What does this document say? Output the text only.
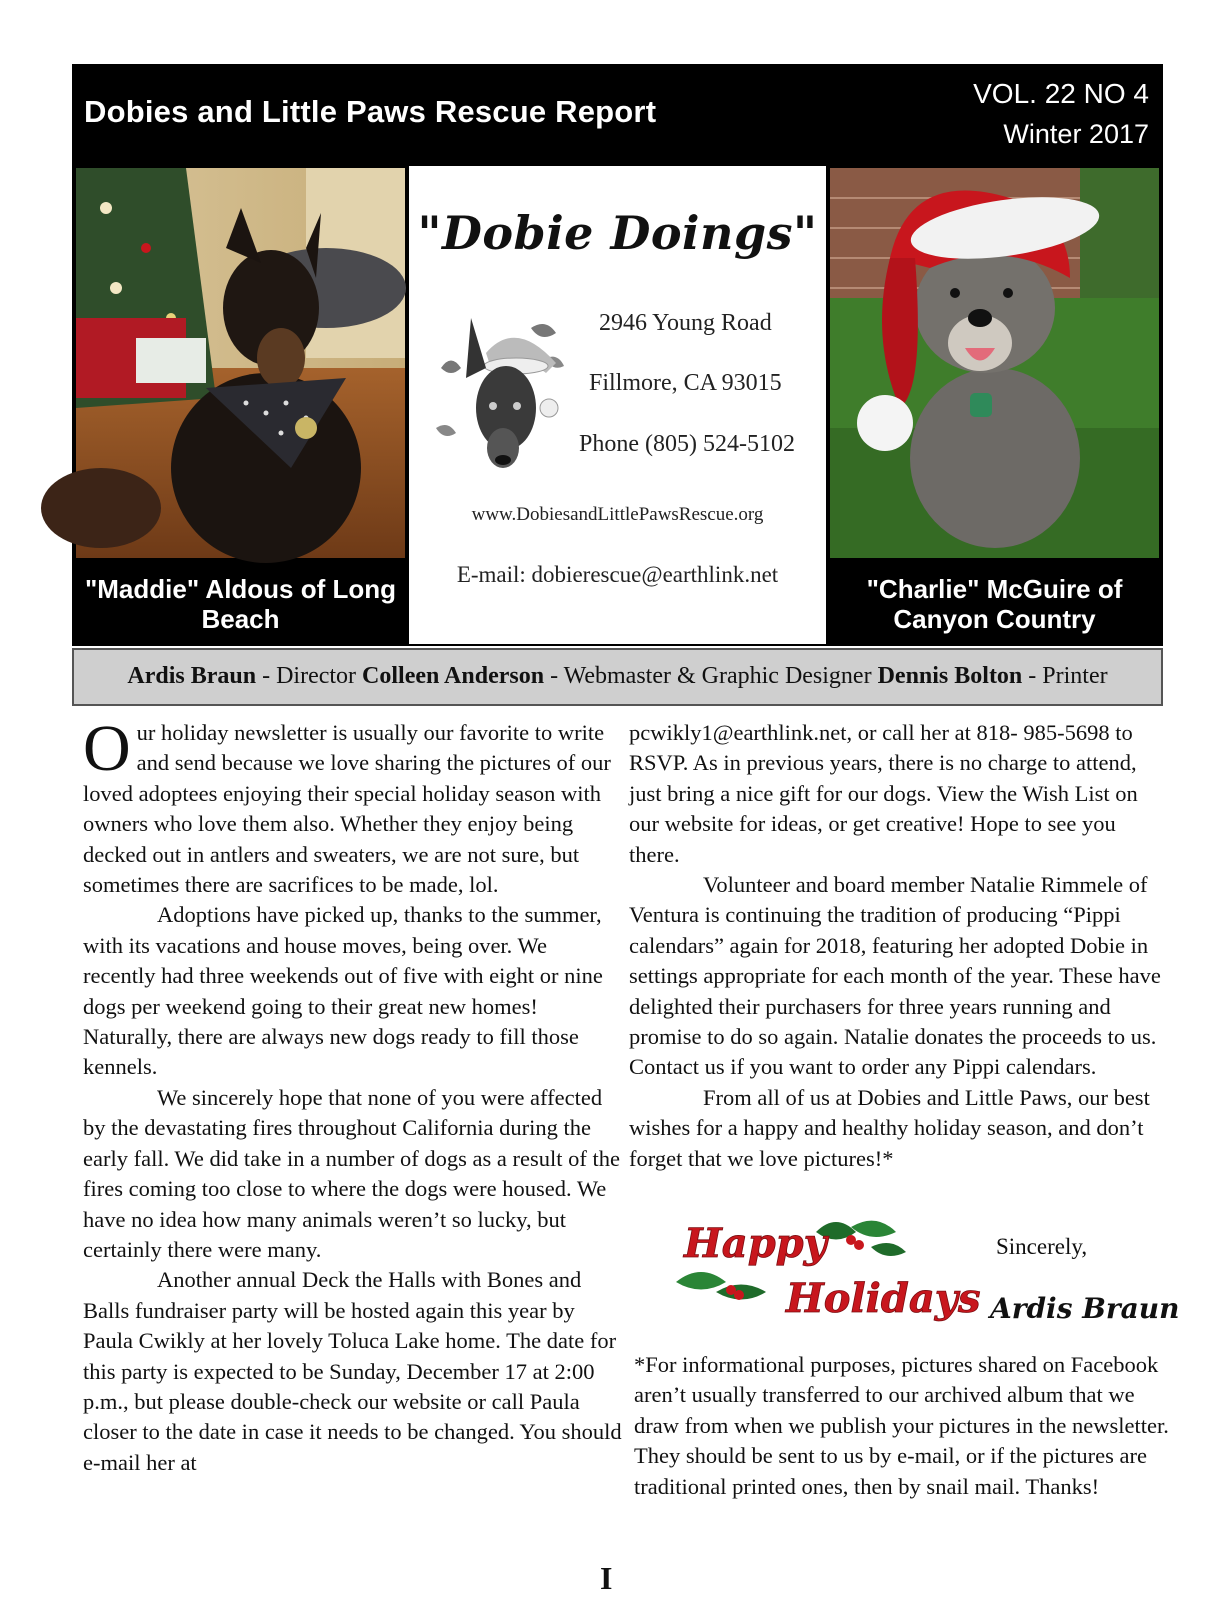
Dobies and Little Paws Rescue Report
VOL. 22 NO 4
Winter 2017
"Maddie" Aldous of Long Beach
"Dobie Doings"
2946 Young Road
Fillmore, CA 93015
Phone (805) 524-5102
www.DobiesandLittlePawsRescue.org
E-mail: dobierescue@earthlink.net	"Charlie" McGuire of Canyon Country
Ardis Braun - Director Colleen Anderson - Webmaster & Graphic Designer Dennis Bolton - Printer

Our holiday newsletter is usually our favorite to write and send because we love sharing the pictures of our loved adoptees enjoying their special holiday season with owners who love them also. Whether they enjoy being decked out in antlers and sweaters, we are not sure, but sometimes there are sacrifices to be made, lol.

Adoptions have picked up, thanks to the summer, with its vacations and house moves, being over. We recently had three weekends out of five with eight or nine dogs per weekend going to their great new homes! Naturally, there are always new dogs ready to fill those kennels.

We sincerely hope that none of you were affected by the devastating fires throughout California during the early fall. We did take in a number of dogs as a result of the fires coming too close to where the dogs were housed. We have no idea how many animals weren’t so lucky, but certainly there were many.

Another annual Deck the Halls with Bones and Balls fundraiser party will be hosted again this year by Paula Cwikly at her lovely Toluca Lake home. The date for this party is expected to be Sunday, December 17 at 2:00 p.m., but please double-check our website or call Paula closer to the date in case it needs to be changed. You should e-mail her at

pcwikly1@earthlink.net, or call her at 818- 985-5698 to RSVP. As in previous years, there is no charge to attend, just bring a nice gift for our dogs. View the Wish List on our website for ideas, or get creative! Hope to see you there.

Volunteer and board member Natalie Rimmele of Ventura is continuing the tradition of producing “Pippi calendars” again for 2018, featuring her adopted Dobie in settings appropriate for each month of the year. These have delighted their purchasers for three years running and promise to do so again. Natalie donates the proceeds to us. Contact us if you want to order any Pippi calendars.

From all of us at Dobies and Little Paws, our best wishes for a happy and healthy holiday season, and don’t forget that we love pictures!*

Happy
Holidays
Sincerely,
Ardis Braun
*For informational purposes, pictures shared on Facebook aren’t usually transferred to our archived album that we draw from when we publish your pictures in the newsletter. They should be sent to us by e-mail, or if the pictures are traditional printed ones, then by snail mail. Thanks!
I
